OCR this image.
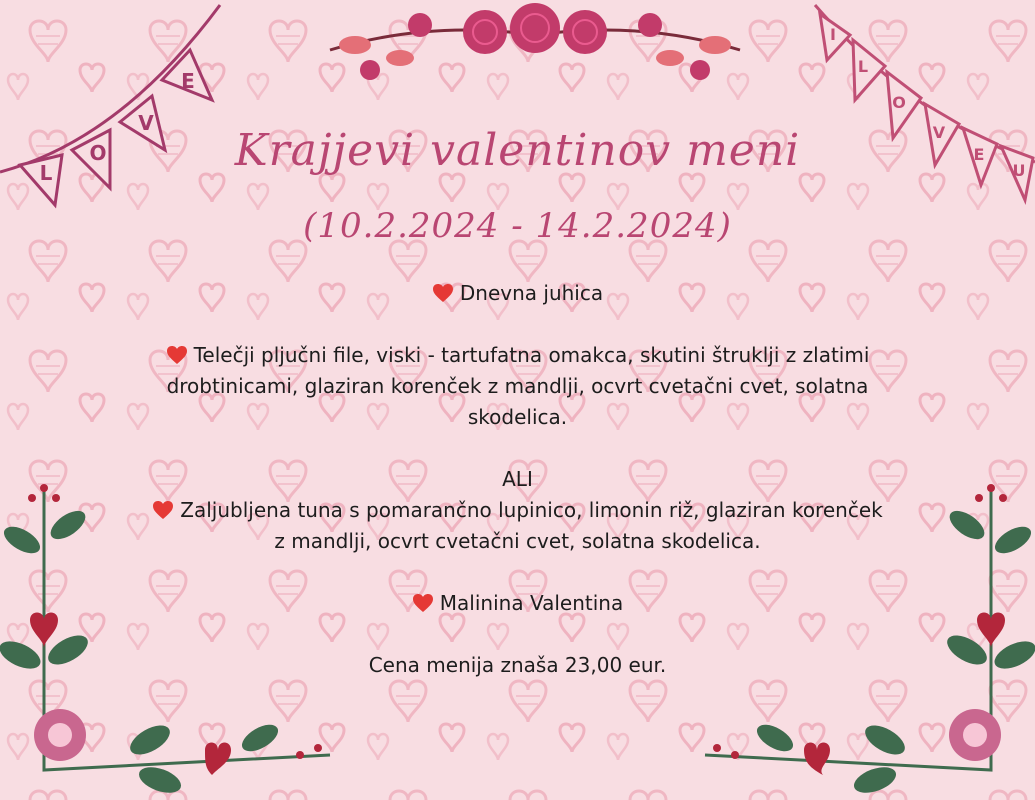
L
O
V
E
I
L
O
V
E
U
Krajjevi valentinov meni
(10.2.2024 - 14.2.2024)

Dnevna juhica

Telečji pljučni file, viski - tartufatna omakca, skutini štruklji z zlatimi drobtinicami, glaziran korenček z mandlji, ocvrt cvetačni cvet, solatna skodelica.

ALI

Zaljubljena tuna s pomarančno lupinico, limonin riž, glaziran korenček z mandlji, ocvrt cvetačni cvet, solatna skodelica.

Malinina Valentina

Cena menija znaša 23,00 eur.
